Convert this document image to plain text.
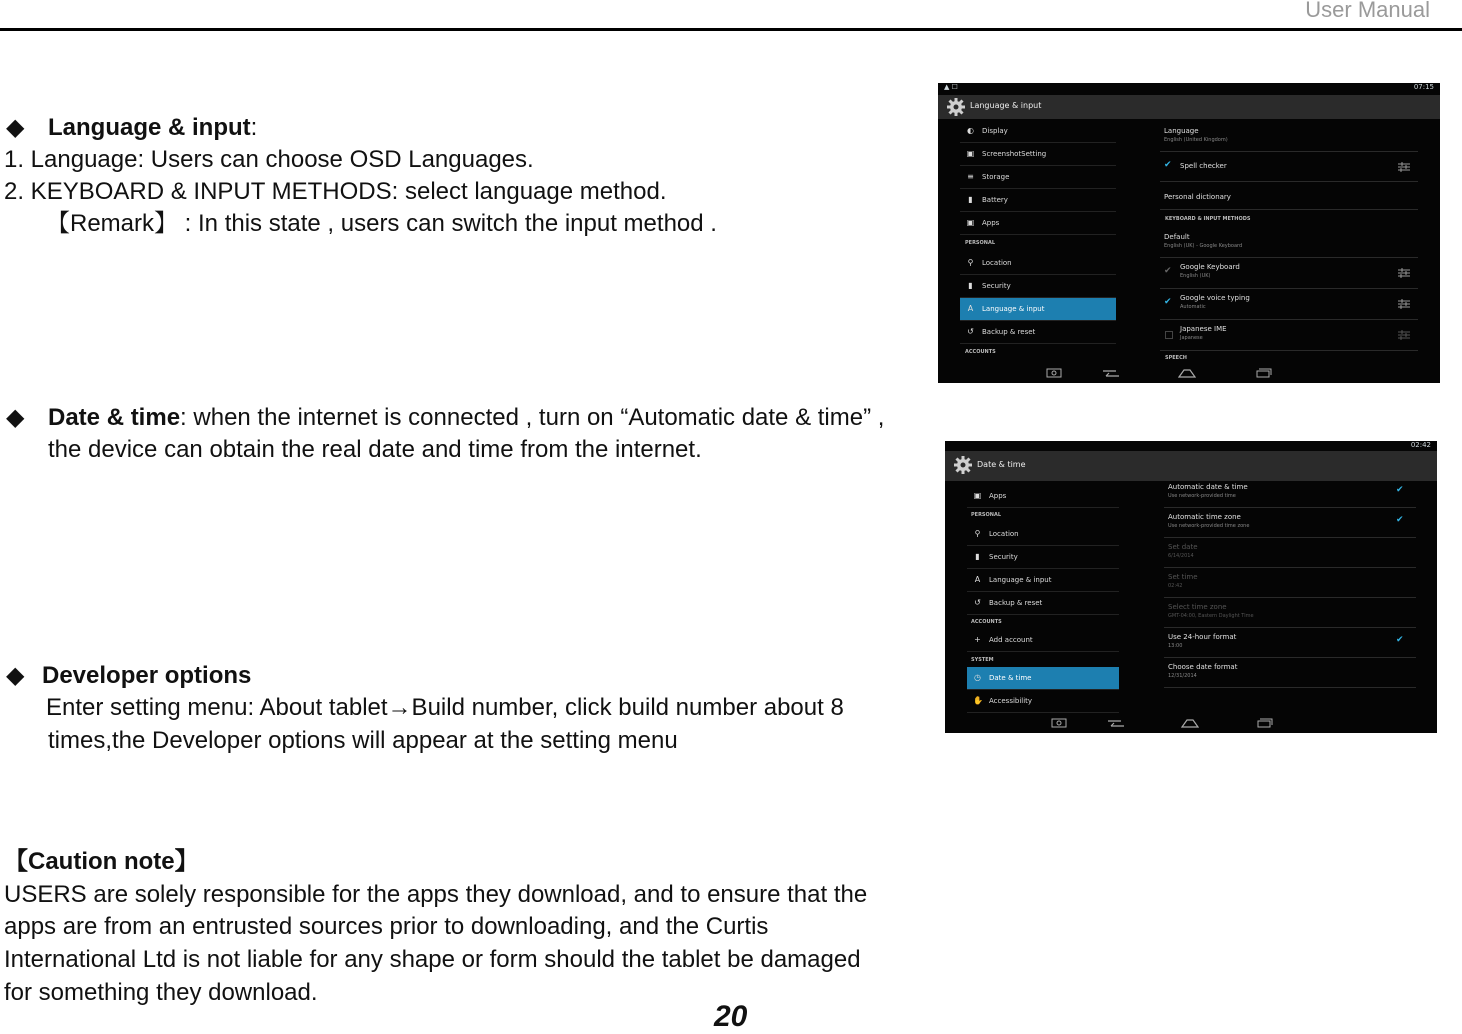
User Manual
◆ Language & input:
1. Language: Users can choose OSD Languages.
2. KEYBOARD & INPUT METHODS: select language method.
【Remark】 : In this state , users can switch the input method .
◆ Date & time: when the internet is connected , turn on “Automatic date & time” ,
the device can obtain the real date and time from the internet.
◆ Developer options
Enter setting menu: About tablet→Build number, click build number about 8
times,the Developer options will appear at the setting menu
【Caution note】
USERS are solely responsible for the apps they download, and to ensure that the
apps are from an entrusted sources prior to downloading, and the Curtis
International Ltd is not liable for any shape or form should the tablet be damaged
for something they download.
20
▲ ☐	07:15
Language & input
◐ Display
▣ ScreenshotSetting
≡ Storage
▮	Battery
▣ Apps
PERSONAL
⚲ Location
▮	Security
A Language & input
↺ Backup & reset
ACCOUNTS
Language
English (United Kingdom)
✔ Spell checker
Personal dictionary
KEYBOARD & INPUT METHODS
Default
English (UK) - Google Keyboard
✔ Google Keyboard
English (UK)
✔ Google voice typing
Automatic
Japanese IME
Japanese
SPEECH
02:42
Date & time
▣ Apps
PERSONAL
⚲ Location
▮	Security
A Language & input
↺ Backup & reset
ACCOUNTS
+ Add account
SYSTEM
◷ Date & time
✋ Accessibility
Automatic date & time
Use network-provided time
✔
Automatic time zone
Use network-provided time zone
✔
Set date
6/14/2014
Set time
02:42
Select time zone
GMT-04:00, Eastern Daylight Time
Use 24-hour format
13:00
✔
Choose date format
12/31/2014
